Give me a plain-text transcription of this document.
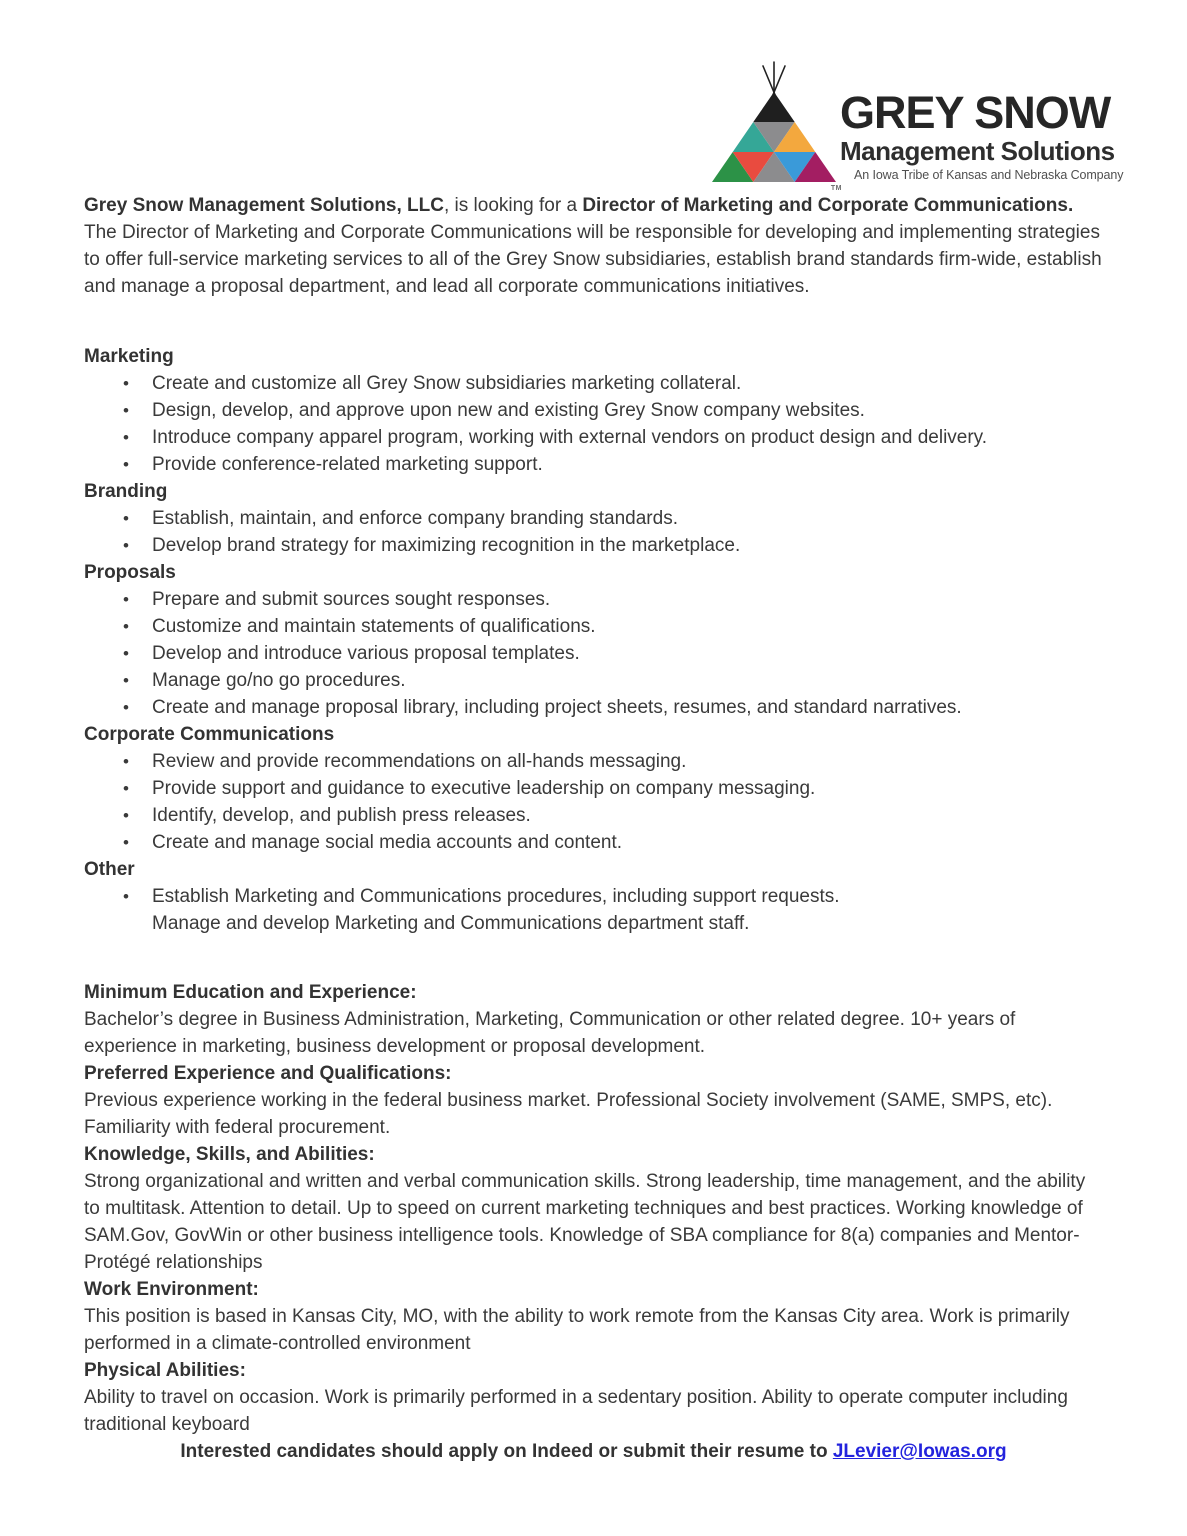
TM
GREY SNOW
Management Solutions
An Iowa Tribe of Kansas and Nebraska Company

Grey Snow Management Solutions, LLC, is looking for a Director of Marketing and Corporate Communications. The Director of Marketing and Corporate Communications will be responsible for developing and implementing strategies to offer full-service marketing services to all of the Grey Snow subsidiaries, establish brand standards firm-wide, establish and manage a proposal department, and lead all corporate communications initiatives.

Marketing
• Create and customize all Grey Snow subsidiaries marketing collateral.
• Design, develop, and approve upon new and existing Grey Snow company websites.
• Introduce company apparel program, working with external vendors on product design and delivery.
• Provide conference-related marketing support.
Branding
• Establish, maintain, and enforce company branding standards.
• Develop brand strategy for maximizing recognition in the marketplace.
Proposals
• Prepare and submit sources sought responses.
• Customize and maintain statements of qualifications.
• Develop and introduce various proposal templates.
• Manage go/no go procedures.
• Create and manage proposal library, including project sheets, resumes, and standard narratives.
Corporate Communications
• Review and provide recommendations on all-hands messaging.
• Provide support and guidance to executive leadership on company messaging.
• Identify, develop, and publish press releases.
• Create and manage social media accounts and content.
Other
• Establish Marketing and Communications procedures, including support requests.
Manage and develop Marketing and Communications department staff.
Minimum Education and Experience:

Bachelor’s degree in Business Administration, Marketing, Communication or other related degree. 10+ years of experience in marketing, business development or proposal development.

Preferred Experience and Qualifications:

Previous experience working in the federal business market. Professional Society involvement (SAME, SMPS, etc). Familiarity with federal procurement.

Knowledge, Skills, and Abilities:

Strong organizational and written and verbal communication skills. Strong leadership, time management, and the ability to multitask. Attention to detail. Up to speed on current marketing techniques and best practices. Working knowledge of SAM.Gov, GovWin or other business intelligence tools. Knowledge of SBA compliance for 8(a) companies and Mentor-Protégé relationships

Work Environment:

This position is based in Kansas City, MO, with the ability to work remote from the Kansas City area. Work is primarily performed in a climate-controlled environment

Physical Abilities:

Ability to travel on occasion. Work is primarily performed in a sedentary position. Ability to operate computer including traditional keyboard

Interested candidates should apply on Indeed or submit their resume to JLevier@Iowas.org
